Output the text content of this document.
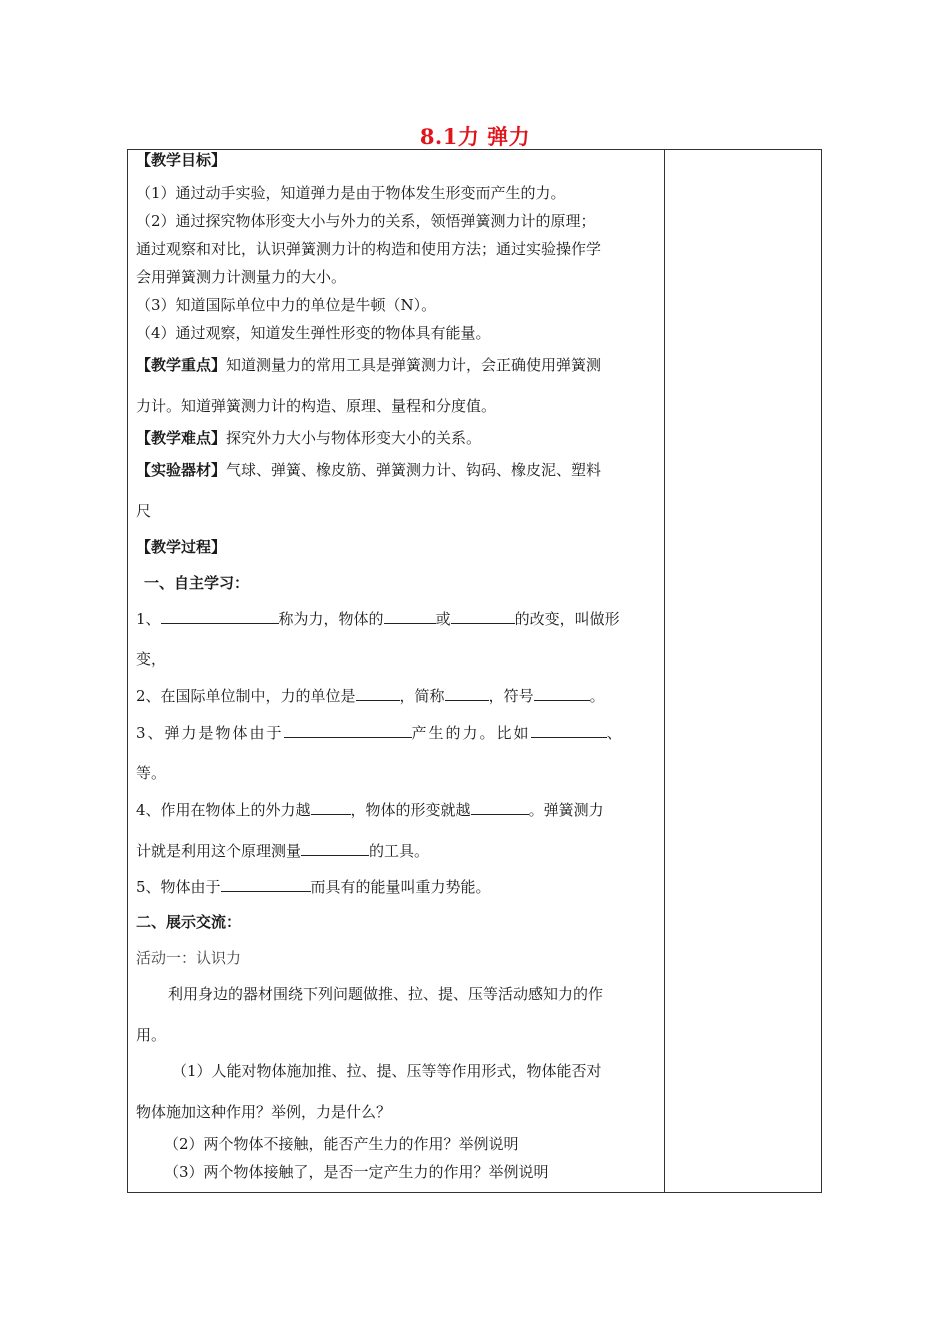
8.1力 弹力
【教学目标】
（1）通过动手实验，知道弹力是由于物体发生形变而产生的力。
（2）通过探究物体形变大小与外力的关系，领悟弹簧测力计的原理；
通过观察和对比，认识弹簧测力计的构造和使用方法；通过实验操作学
会用弹簧测力计测量力的大小。
（3）知道国际单位中力的单位是牛顿（N）。
（4）通过观察，知道发生弹性形变的物体具有能量。
【教学重点】知道测量力的常用工具是弹簧测力计，会正确使用弹簧测
力计。知道弹簧测力计的构造、原理、量程和分度值。
【教学难点】探究外力大小与物体形变大小的关系。
【实验器材】气球、弹簧、橡皮筋、弹簧测力计、钩码、橡皮泥、塑料
尺
【教学过程】
一、自主学习：
1、	称为力，物体的	或	的改变，叫做形
变，
2、在国际单位制中，力的单位是	，简称	，符号	。
3、弹力是物体由于	产生的力。比如	、
等。
4、作用在物体上的外力越	，物体的形变就越	。弹簧测力
计就是利用这个原理测量	的工具。
5、物体由于	而具有的能量叫重力势能。
二、展示交流：
活动一：认识力
利用身边的器材围绕下列问题做推、拉、提、压等活动感知力的作
用。
（1）人能对物体施加推、拉、提、压等等作用形式，物体能否对
物体施加这种作用？举例，力是什么？
（2）两个物体不接触，能否产生力的作用？举例说明
（3）两个物体接触了，是否一定产生力的作用？举例说明
